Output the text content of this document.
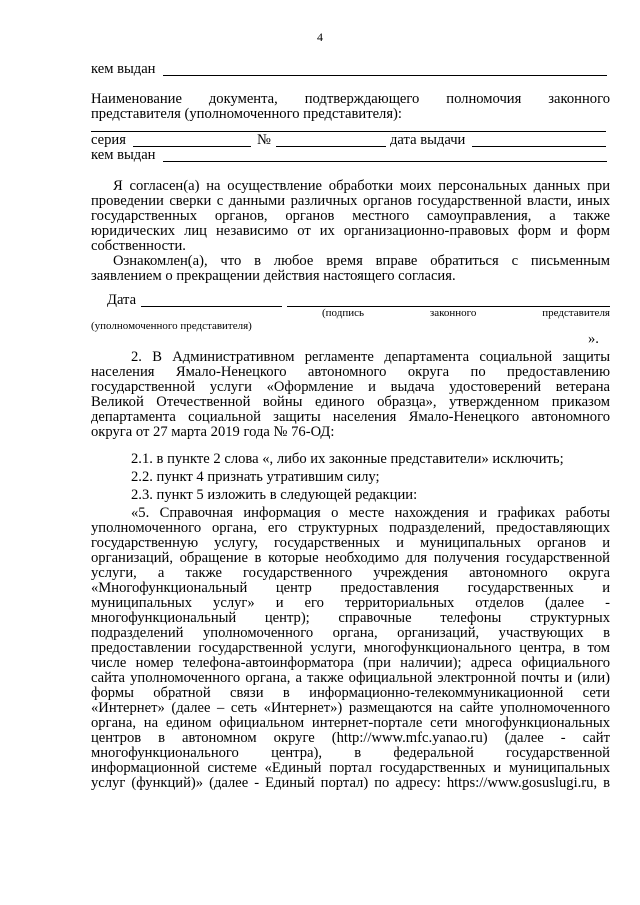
4
кем выдан
Наименование документа, подтверждающего полномочия законного
представителя (уполномоченного представителя):
серия	№	дата выдачи
кем выдан
Я согласен(а) на осуществление обработки моих персональных данных при
проведении сверки с данными различных органов государственной власти, иных
государственных органов, органов местного самоуправления, а также
юридических лиц независимо от их организационно-правовых форм и форм
собственности.
Ознакомлен(а), что в любое время вправе обратиться с письменным
заявлением о прекращении действия настоящего согласия.
Дата
(подпись законного представителя
(уполномоченного представителя)
».
2. В Административном регламенте департамента социальной защиты
населения Ямало-Ненецкого автономного округа по предоставлению
государственной услуги «Оформление и выдача удостоверений ветерана
Великой Отечественной войны единого образца», утвержденном приказом
департамента социальной защиты населения Ямало-Ненецкого автономного
округа от 27 марта 2019 года № 76-ОД:
2.1. в пункте 2 слова «, либо их законные представители» исключить;
2.2. пункт 4 признать утратившим силу;
2.3. пункт 5 изложить в следующей редакции:
«5. Справочная информация о месте нахождения и графиках работы
уполномоченного органа, его структурных подразделений, предоставляющих
государственную услугу, государственных и муниципальных органов и
организаций, обращение в которые необходимо для получения государственной
услуги, а также государственного учреждения автономного округа
«Многофункциональный центр предоставления государственных и
муниципальных услуг» и его территориальных отделов (далее -
многофункциональный центр); справочные телефоны структурных
подразделений уполномоченного органа, организаций, участвующих в
предоставлении государственной услуги, многофункционального центра, в том
числе номер телефона-автоинформатора (при наличии); адреса официального
сайта уполномоченного органа, а также официальной электронной почты и (или)
формы обратной связи в информационно-телекоммуникационной сети
«Интернет» (далее – сеть «Интернет») размещаются на сайте уполномоченного
органа, на едином официальном интернет-портале сети многофункциональных
центров в автономном округе (http://www.mfc.yanao.ru) (далее - сайт
многофункционального центра), в федеральной государственной
информационной системе «Единый портал государственных и муниципальных
услуг (функций)» (далее - Единый портал) по адресу: https://www.gosuslugi.ru, в
